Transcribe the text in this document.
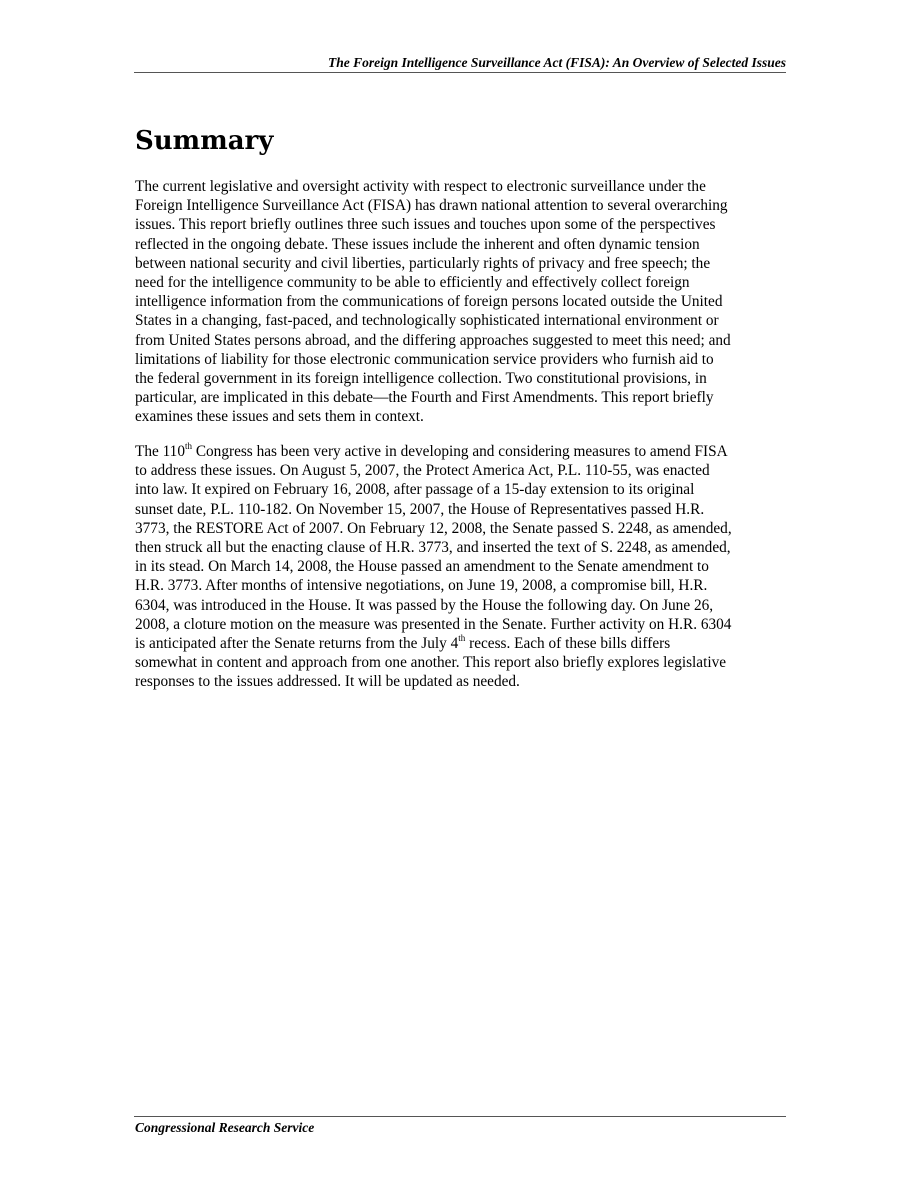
The Foreign Intelligence Surveillance Act (FISA): An Overview of Selected Issues
Summary
The current legislative and oversight activity with respect to electronic surveillance under the
Foreign Intelligence Surveillance Act (FISA) has drawn national attention to several overarching
issues. This report briefly outlines three such issues and touches upon some of the perspectives
reflected in the ongoing debate. These issues include the inherent and often dynamic tension
between national security and civil liberties, particularly rights of privacy and free speech; the
need for the intelligence community to be able to efficiently and effectively collect foreign
intelligence information from the communications of foreign persons located outside the United
States in a changing, fast-paced, and technologically sophisticated international environment or
from United States persons abroad, and the differing approaches suggested to meet this need; and
limitations of liability for those electronic communication service providers who furnish aid to
the federal government in its foreign intelligence collection. Two constitutional provisions, in
particular, are implicated in this debate—the Fourth and First Amendments. This report briefly
examines these issues and sets them in context.
The 110th Congress has been very active in developing and considering measures to amend FISA
to address these issues. On August 5, 2007, the Protect America Act, P.L. 110-55, was enacted
into law. It expired on February 16, 2008, after passage of a 15-day extension to its original
sunset date, P.L. 110-182. On November 15, 2007, the House of Representatives passed H.R.
3773, the RESTORE Act of 2007. On February 12, 2008, the Senate passed S. 2248, as amended,
then struck all but the enacting clause of H.R. 3773, and inserted the text of S. 2248, as amended,
in its stead. On March 14, 2008, the House passed an amendment to the Senate amendment to
H.R. 3773. After months of intensive negotiations, on June 19, 2008, a compromise bill, H.R.
6304, was introduced in the House. It was passed by the House the following day. On June 26,
2008, a cloture motion on the measure was presented in the Senate. Further activity on H.R. 6304
is anticipated after the Senate returns from the July 4th recess. Each of these bills differs
somewhat in content and approach from one another. This report also briefly explores legislative
responses to the issues addressed. It will be updated as needed.
Congressional Research Service
